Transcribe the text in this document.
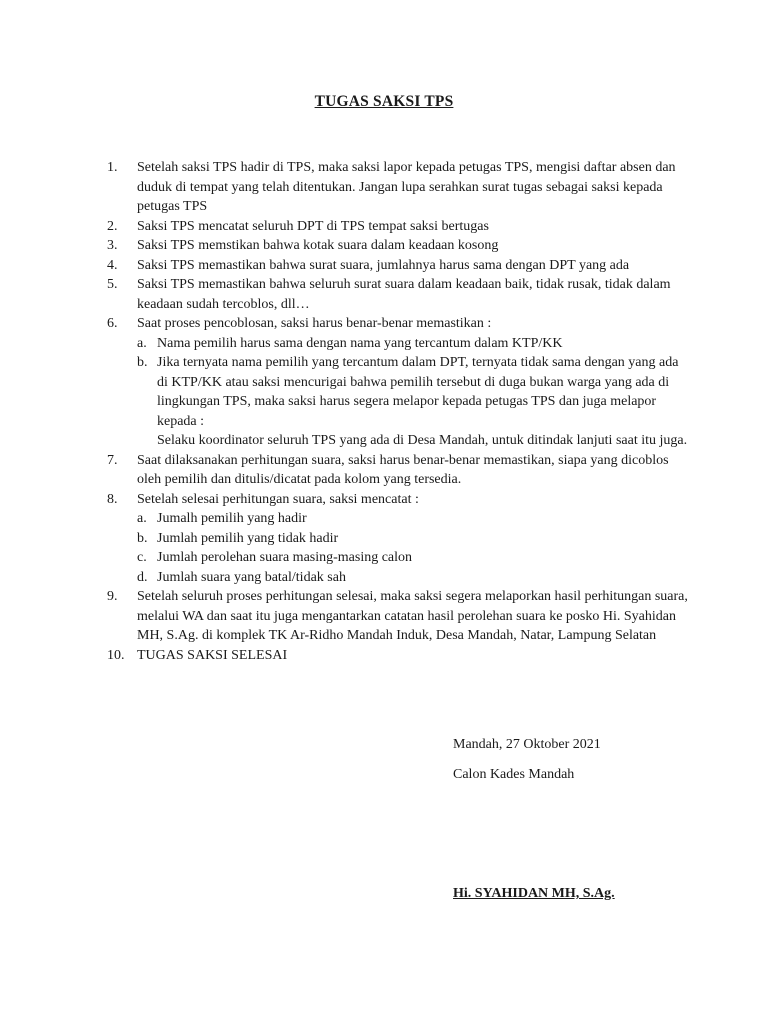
TUGAS SAKSI TPS
1.	Setelah saksi TPS hadir di TPS, maka saksi lapor kepada petugas TPS, mengisi daftar absen dan duduk di tempat yang telah ditentukan. Jangan lupa serahkan surat tugas sebagai saksi kepada petugas TPS
2.	Saksi TPS mencatat seluruh DPT di TPS tempat saksi bertugas
3.	Saksi TPS memstikan bahwa kotak suara dalam keadaan kosong
4.	Saksi TPS memastikan bahwa surat suara, jumlahnya harus sama dengan DPT yang ada
5.	Saksi TPS memastikan bahwa seluruh surat suara dalam keadaan baik, tidak rusak, tidak dalam keadaan sudah tercoblos, dll…
6.	Saat proses pencoblosan, saksi harus benar-benar memastikan :
a. Nama pemilih harus sama dengan nama yang tercantum dalam KTP/KK
b. Jika ternyata nama pemilih yang tercantum dalam DPT, ternyata tidak sama dengan yang ada di KTP/KK atau saksi mencurigai bahwa pemilih tersebut di duga bukan warga yang ada di lingkungan TPS, maka saksi harus segera melapor kepada petugas TPS dan juga melapor kepada :
Selaku koordinator seluruh TPS yang ada di Desa Mandah, untuk ditindak lanjuti saat itu juga.
7.	Saat dilaksanakan perhitungan suara, saksi harus benar-benar memastikan, siapa yang dicoblos oleh pemilih dan ditulis/dicatat pada kolom yang tersedia.
8.	Setelah selesai perhitungan suara, saksi mencatat :
a. Jumalh pemilih yang hadir
b. Jumlah pemilih yang tidak hadir
c. Jumlah perolehan suara masing-masing calon
d. Jumlah suara yang batal/tidak sah
9.	Setelah seluruh proses perhitungan selesai, maka saksi segera melaporkan hasil perhitungan suara, melalui WA dan saat itu juga mengantarkan catatan hasil perolehan suara ke posko Hi. Syahidan MH, S.Ag. di komplek TK Ar-Ridho Mandah Induk, Desa Mandah, Natar, Lampung Selatan
10. TUGAS SAKSI SELESAI
Mandah, 27 Oktober 2021
Calon Kades Mandah
Hi. SYAHIDAN MH, S.Ag.
